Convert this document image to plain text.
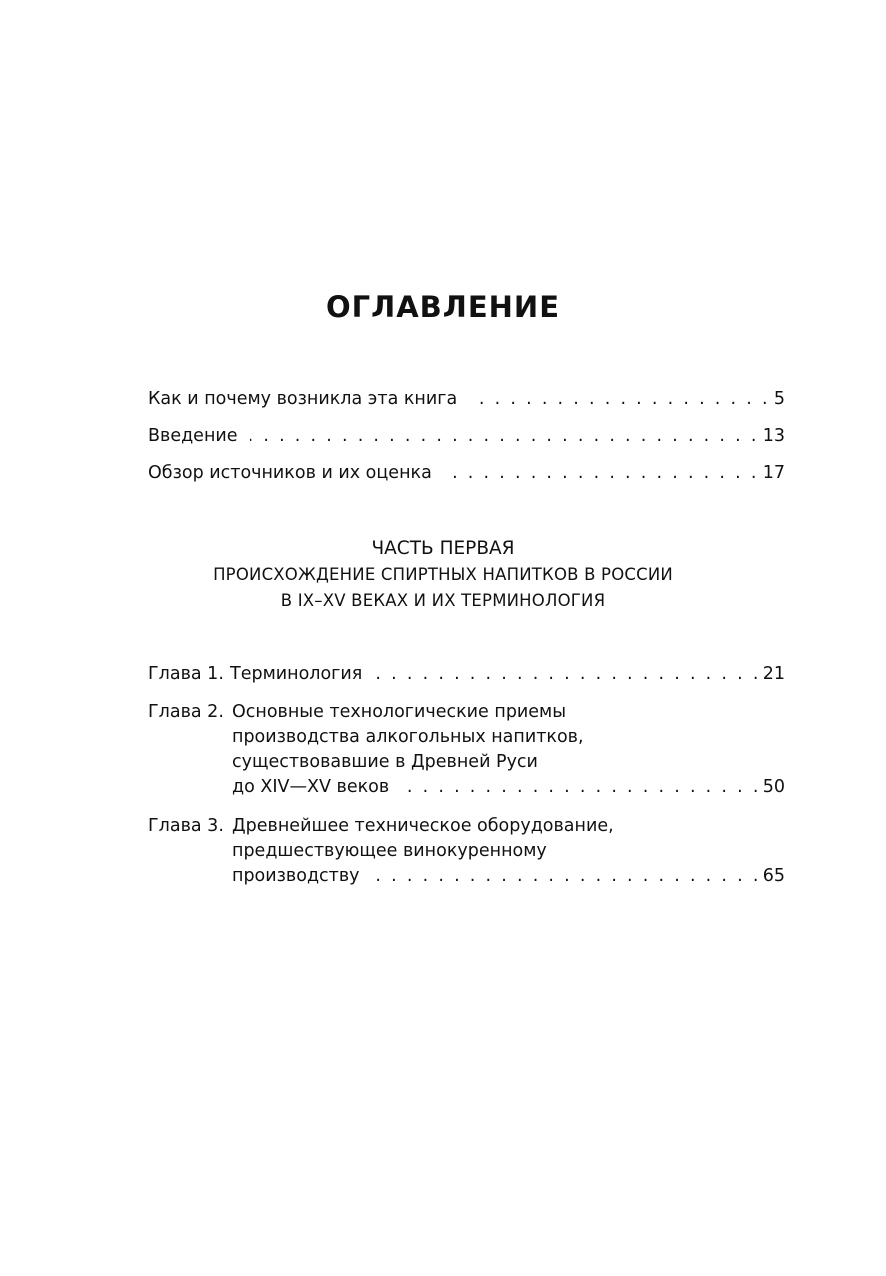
ОГЛАВЛЕНИЕ
Как и почему возникла эта книга . . .	5
Введение . . .	13
Обзор источников и их оценка . . .	17
ЧАСТЬ ПЕРВАЯ
ПРОИСХОЖДЕНИЕ СПИРТНЫХ НАПИТКОВ В РОССИИ
В IX–XV ВЕКАХ И ИХ ТЕРМИНОЛОГИЯ
Глава 1. Терминология . . .	21
Глава 2. Основные технологические приемы
производства алкогольных напитков,
существовавшие в Древней Руси
до XIV—XV веков . . .	50
Глава 3. Древнейшее техническое оборудование,
предшествующее винокуренному
производству . . .	65
